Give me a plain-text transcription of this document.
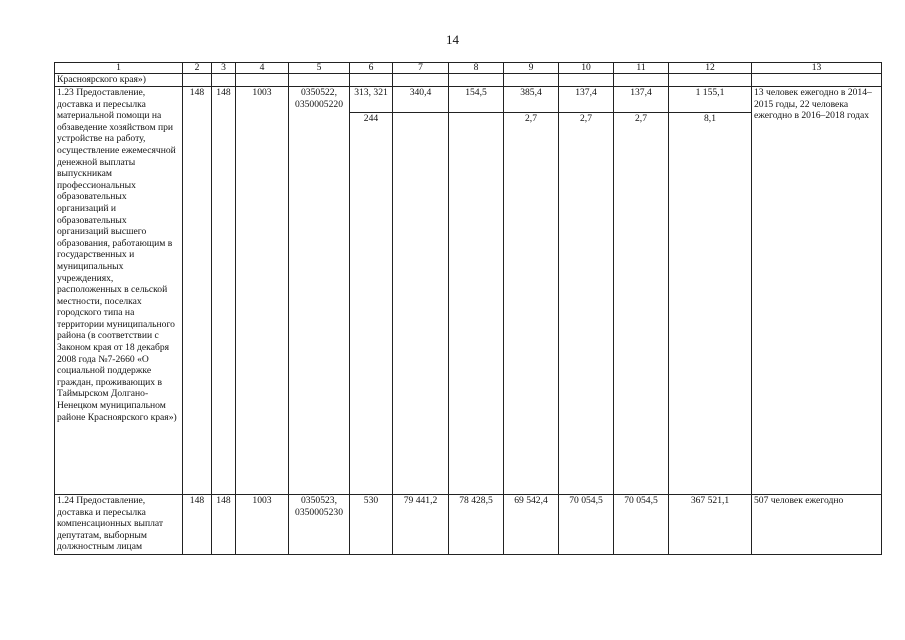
14
1	2	3	4	5	6	7	8	9	10	11	12	13
Красноярского края»)												
1.23 Предоставление, доставка и пересылка материальной помощи на обзаведение хозяйством при устройстве на работу, осуществление ежемесячной денежной выплаты выпускникам профессиональных образовательных организаций и образовательных организаций высшего образования, работающим в государственных и муниципальных учреждениях, расположенных в сельской местности, поселках городского типа на территории муниципального района (в соответствии с Законом края от 18 декабря 2008 года №7-2660 «О социальной поддержке граждан, проживающих в Таймырском Долгано-Ненецком муниципальном районе Красноярского края»)	148	148	1003	0350522, 0350005220	313, 321	340,4	154,5	385,4	137,4	137,4	1 155,1	13 человек ежегодно в 2014–2015 годы, 22 человека ежегодно в 2016–2018 годах
					244			2,7	2,7	2,7	8,1	
1.24 Предоставление, доставка и пересылка компенсационных выплат депутатам, выборным должностным лицам	148	148	1003	0350523, 0350005230	530	79 441,2	78 428,5	69 542,4	70 054,5	70 054,5	367 521,1	507 человек ежегодно
